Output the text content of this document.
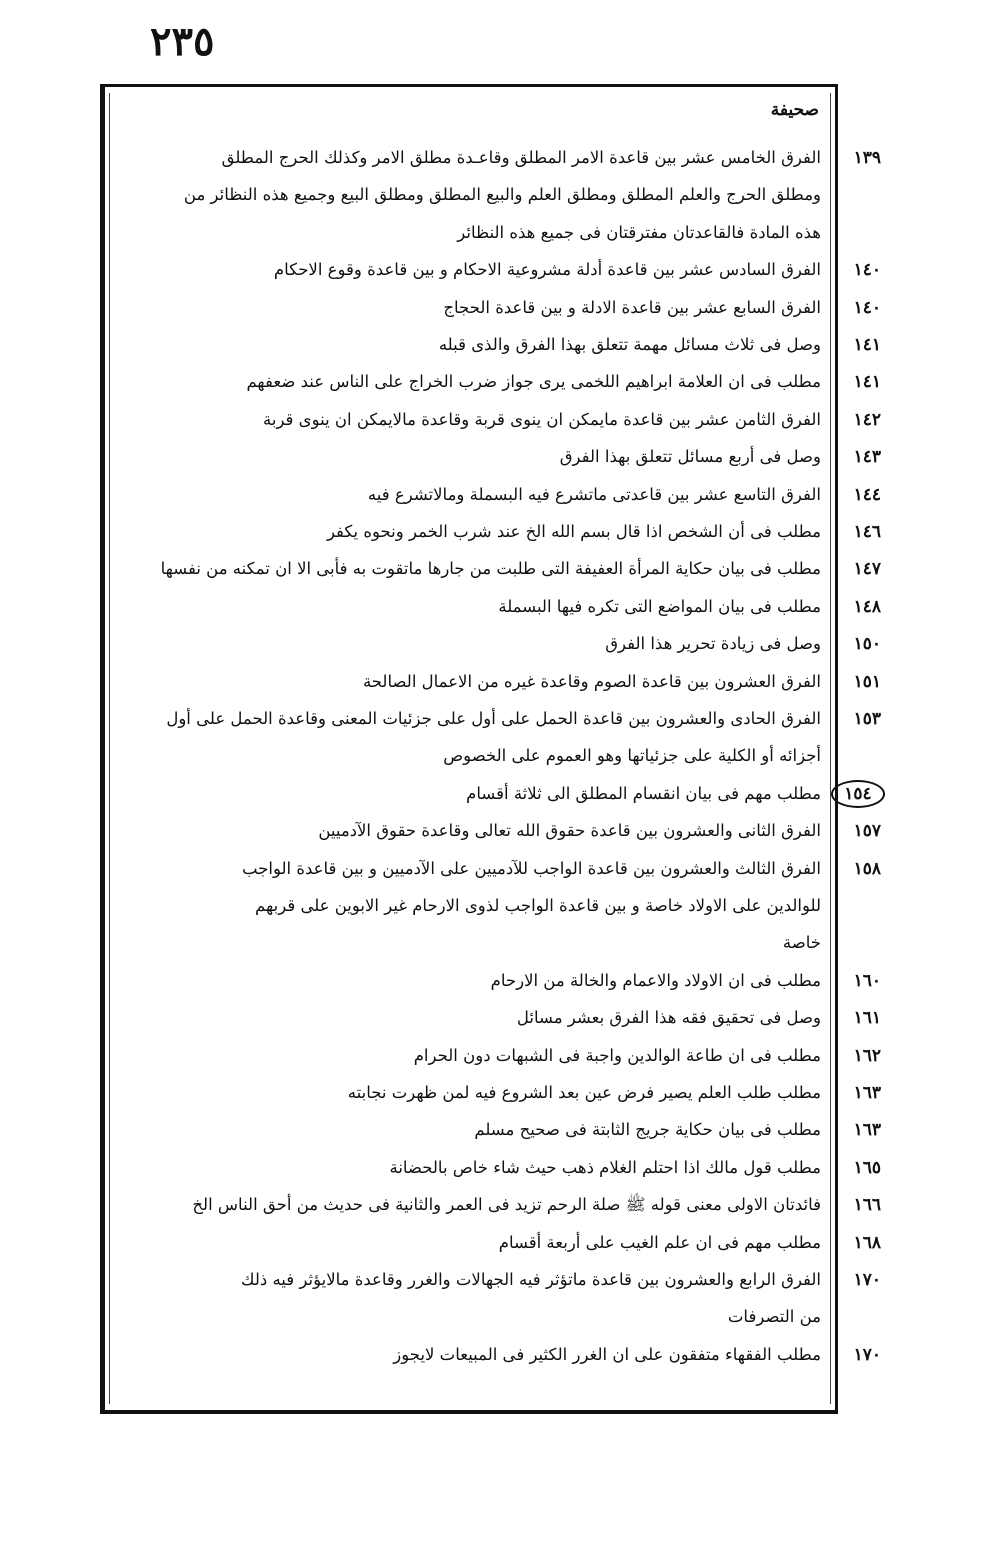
٢٣٥
صحيفة
الفرق الخامس عشر بين قاعدة الامر المطلق وقاعـدة مطلق الامر وكذلك الحرج المطلق	١٣٩
ومطلق الحرج والعلم المطلق ومطلق العلم والبيع المطلق ومطلق البيع وجميع هذه النظائر من
هذه المادة فالقاعدتان مفترقتان فى جميع هذه النظائر
الفرق السادس عشر بين قاعدة أدلة مشروعية الاحكام و بين قاعدة وقوع الاحكام	١٤٠
الفرق السابع عشر بين قاعدة الادلة و بين قاعدة الحجاج	١٤٠
وصل فى ثلاث مسائل مهمة تتعلق بهذا الفرق والذى قبله	١٤١
مطلب فى ان العلامة ابراهيم اللخمى يرى جواز ضرب الخراج على الناس عند ضعفهم	١٤١
الفرق الثامن عشر بين قاعدة مايمكن ان ينوى قربة وقاعدة مالايمكن ان ينوى قربة	١٤٢
وصل فى أربع مسائل تتعلق بهذا الفرق	١٤٣
الفرق التاسع عشر بين قاعدتى ماتشرع فيه البسملة ومالاتشرع فيه	١٤٤
مطلب فى أن الشخص اذا قال بسم الله الخ عند شرب الخمر ونحوه يكفر	١٤٦
مطلب فى بيان حكاية المرأة العفيفة التى طلبت من جارها ماتقوت به فأبى الا ان تمكنه من نفسها	١٤٧
مطلب فى بيان المواضع التى تكره فيها البسملة	١٤٨
وصل فى زيادة تحرير هذا الفرق	١٥٠
الفرق العشرون بين قاعدة الصوم وقاعدة غيره من الاعمال الصالحة	١٥١
الفرق الحادى والعشرون بين قاعدة الحمل على أول على جزئيات المعنى وقاعدة الحمل على أول	١٥٣
أجزائه أو الكلية على جزئياتها وهو العموم على الخصوص
مطلب مهم فى بيان انقسام المطلق الى ثلاثة أقسام	١٥٤
الفرق الثانى والعشرون بين قاعدة حقوق الله تعالى وقاعدة حقوق الآدميين	١٥٧
الفرق الثالث والعشرون بين قاعدة الواجب للآدميين على الآدميين و بين قاعدة الواجب	١٥٨
للوالدين على الاولاد خاصة و بين قاعدة الواجب لذوى الارحام غير الابوين على قربهم
خاصة
مطلب فى ان الاولاد والاعمام والخالة من الارحام	١٦٠
وصل فى تحقيق فقه هذا الفرق بعشر مسائل	١٦١
مطلب فى ان طاعة الوالدين واجبة فى الشبهات دون الحرام	١٦٢
مطلب طلب العلم يصير فرض عين بعد الشروع فيه لمن ظهرت نجابته	١٦٣
مطلب فى بيان حكاية جريج الثابتة فى صحيح مسلم	١٦٣
مطلب قول مالك اذا احتلم الغلام ذهب حيث شاء خاص بالحضانة	١٦٥
فائدتان الاولى معنى قوله ﷺ صلة الرحم تزيد فى العمر والثانية فى حديث من أحق الناس الخ	١٦٦
مطلب مهم فى ان علم الغيب على أربعة أقسام	١٦٨
الفرق الرابع والعشرون بين قاعدة ماتؤثر فيه الجهالات والغرر وقاعدة مالايؤثر فيه ذلك	١٧٠
من التصرفات
مطلب الفقهاء متفقون على ان الغرر الكثير فى المبيعات لايجوز	١٧٠
